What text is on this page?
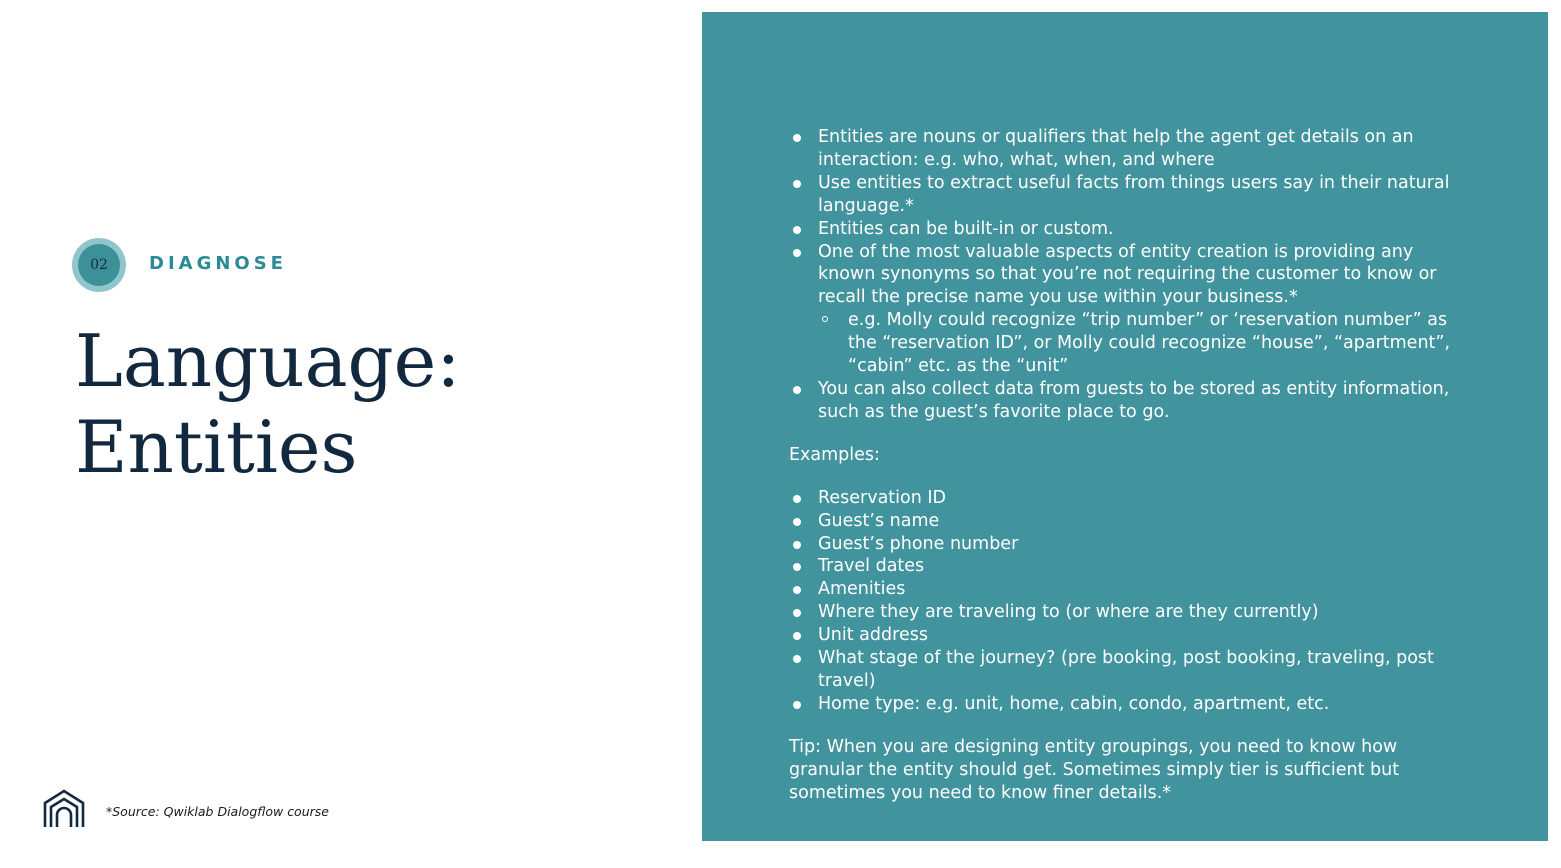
02	DIAGNOSE
Language:
Entities
*Source: Qwiklab Dialogflow course
Entities are nouns or qualifiers that help the agent get details on an interaction: e.g. who, what, when, and where
Use entities to extract useful facts from things users say in their natural language.*
Entities can be built-in or custom.
One of the most valuable aspects of entity creation is providing any known synonyms so that you’re not requiring the customer to know or recall the precise name you use within your business.*
e.g. Molly could recognize “trip number” or ‘reservation number” as the “reservation ID”, or Molly could recognize “house”, “apartment”, “cabin” etc. as the “unit”
You can also collect data from guests to be stored as entity information, such as the guest’s favorite place to go.

Examples:

Reservation ID
Guest’s name
Guest’s phone number
Travel dates
Amenities
Where they are traveling to (or where are they currently)
Unit address
What stage of the journey? (pre booking, post booking, traveling, post travel)
Home type: e.g. unit, home, cabin, condo, apartment, etc.

Tip: When you are designing entity groupings, you need to know how granular the entity should get. Sometimes simply tier is sufficient but sometimes you need to know finer details.*
